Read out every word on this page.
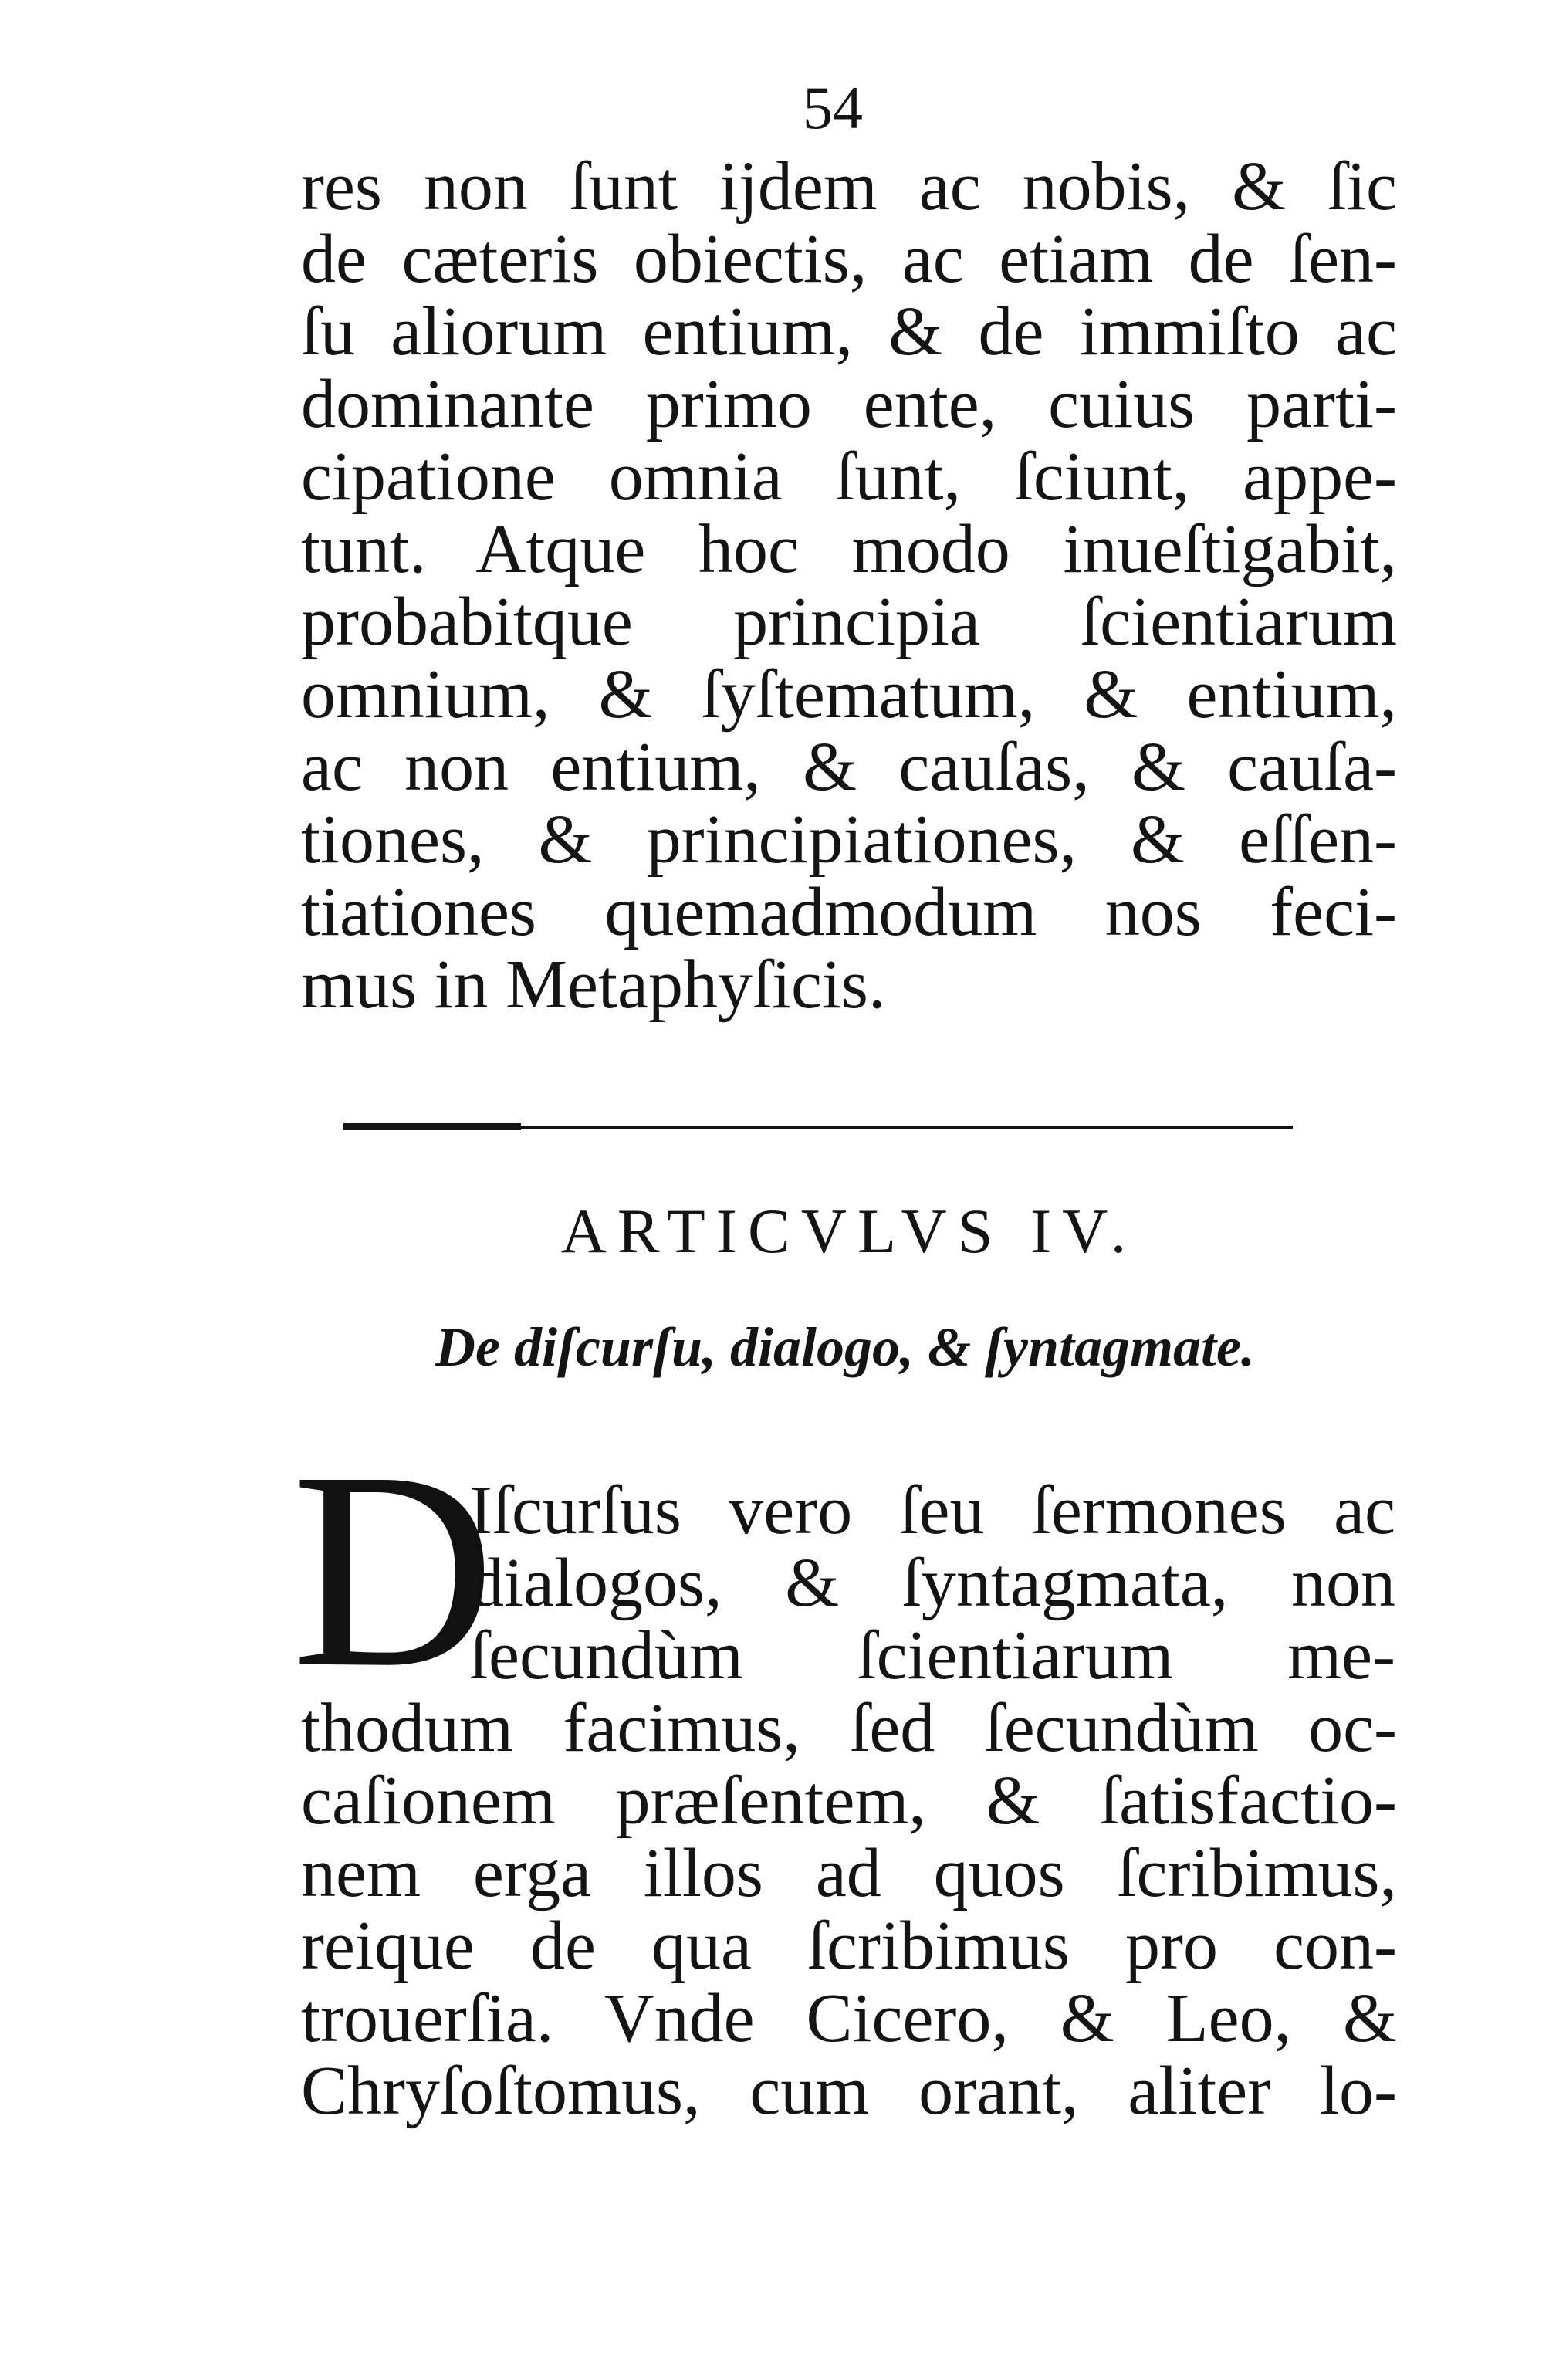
54
res non ſunt ijdem ac nobis, & ſic
de cæteris obiectis, ac etiam de ſen-
ſu aliorum entium, & de immiſto ac
dominante primo ente, cuius parti-
cipatione omnia ſunt, ſciunt, appe-
tunt. Atque hoc modo inueſtigabit,
probabitque principia ſcientiarum
omnium, & ſyſtematum, & entium,
ac non entium, & cauſas, & cauſa-
tiones, & principiationes, & eſſen-
tiationes quemadmodum nos feci-
mus in Metaphyſicis.
ARTICVLVS IV.
De diſcurſu, dialogo, & ſyntagmate.
D
Iſcurſus vero ſeu ſermones ac
dialogos, & ſyntagmata, non
ſecundùm ſcientiarum me-
thodum facimus, ſed ſecundùm oc-
caſionem præſentem, & ſatisfactio-
nem erga illos ad quos ſcribimus,
reique de qua ſcribimus pro con-
trouerſia. Vnde Cicero, & Leo, &
Chryſoſtomus, cum orant, aliter lo-
